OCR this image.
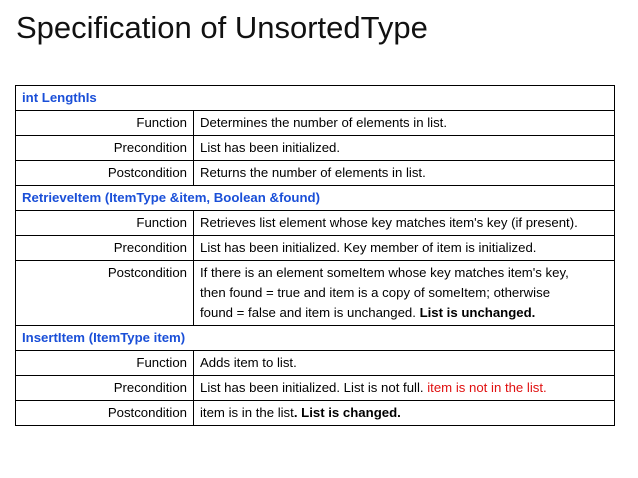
Specification of UnsortedType
int LengthIs	
Function	Determines the number of elements in list.
Precondition	List has been initialized.
Postcondition	Returns the number of elements in list.
RetrieveItem (ItemType &item, Boolean &found)	
Function	Retrieves list element whose key matches item's key (if present).
Precondition	List has been initialized. Key member of item is initialized.
Postcondition	If there is an element someItem whose key matches item's key,
then found = true and item is a copy of someItem; otherwise
found = false and item is unchanged. List is unchanged.
InsertItem (ItemType item)	
Function	Adds item to list.
Precondition	List has been initialized. List is not full. item is not in the list.
Postcondition	item is in the list. List is changed.
